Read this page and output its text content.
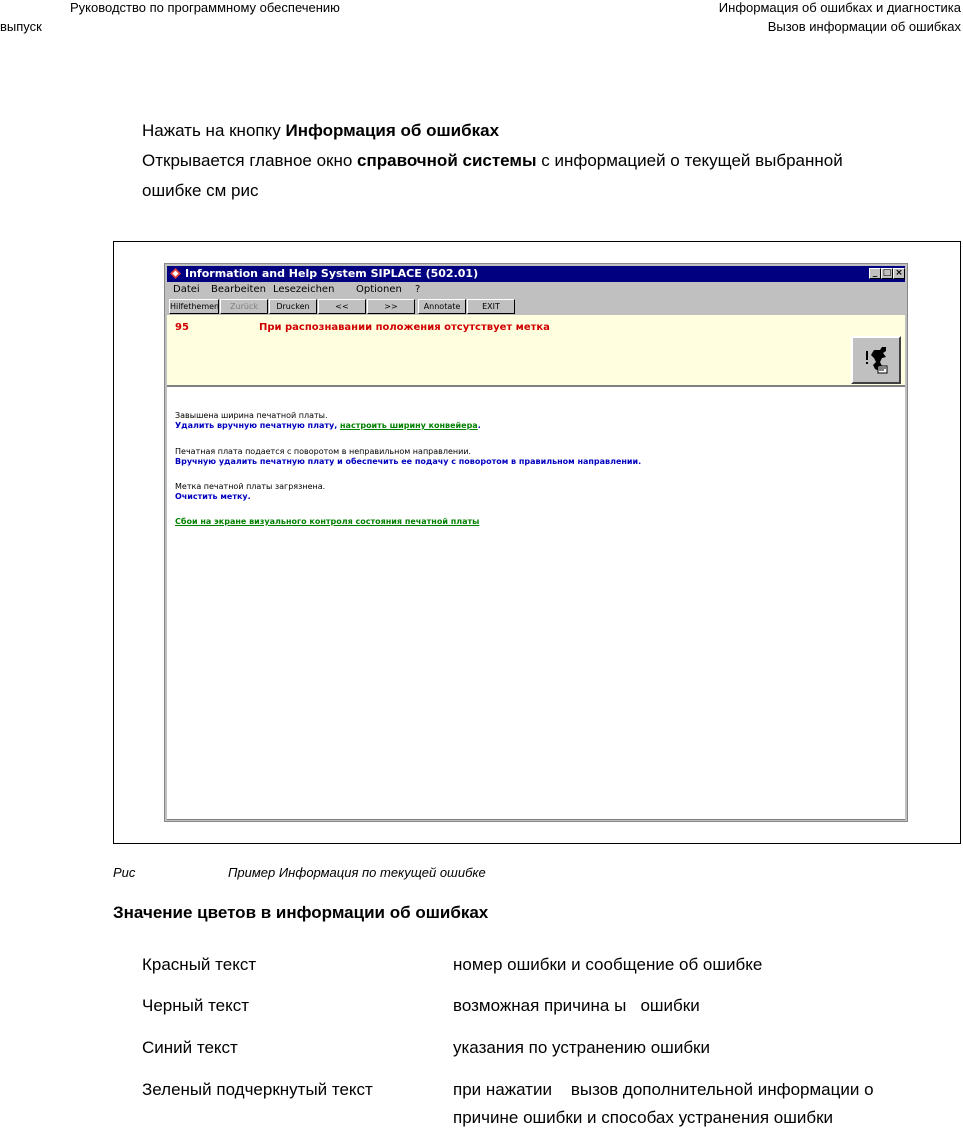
Руководство по программному обеспечению
выпуск
Информация об ошибках и диагностика
Вызов информации об ошибках
Нажать на кнопку Информация об ошибках
Открывается главное окно справочной системы с информацией о текущей выбранной
ошибке см рис
Information and Help System SIPLACE (502.01)	_ □ ×
Datei Bearbeiten Lesezeichen Optionen ?
Hilfethemen	Zurück	Drucken	<<	>>	Annotate	EXIT
95	При распознавании положения отсутствует метка
Завышена ширина печатной платы.
Удалить вручную печатную плату, настроить ширину конвейера.
Печатная плата подается с поворотом в неправильном направлении.
Вручную удалить печатную плату и обеспечить ее подачу с поворотом в правильном направлении.
Метка печатной платы загрязнена.
Очистить метку.
Сбои на экране визуального контроля состояния печатной платы
Рис	Пример Информация по текущей ошибке
Значение цветов в информации об ошибках
Красный текст	номер ошибки и сообщение об ошибке
Черный текст	возможная причина ы   ошибки
Синий текст	указания по устранению ошибки
Зеленый подчеркнутый текст	при нажатии    вызов дополнительной информации о
причине ошибки и способах устранения ошибки
